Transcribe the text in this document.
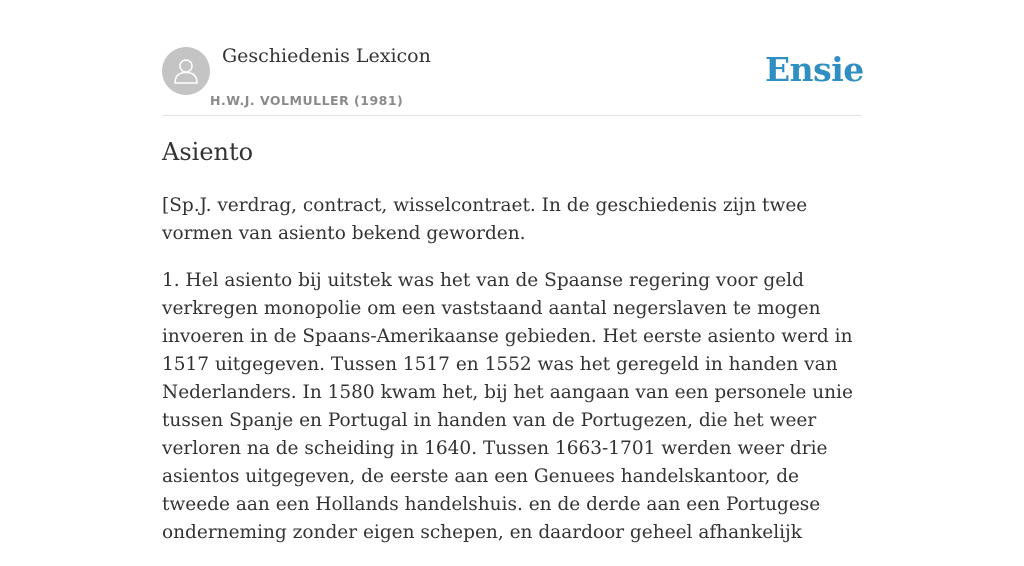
Geschiedenis Lexicon
H.W.J. VOLMULLER (1981)
Ensie
Asiento

[Sp.J. verdrag, contract, wisselcontraet. In de geschiedenis zijn twee vormen van asiento bekend geworden.

1. Hel asiento bij uitstek was het van de Spaanse regering voor geld verkregen monopolie om een vaststaand aantal negerslaven te mogen invoeren in de Spaans-Amerikaanse gebieden. Het eerste asiento werd in 1517 uitgegeven. Tussen 1517 en 1552 was het geregeld in handen van Nederlanders. In 1580 kwam het, bij het aangaan van een personele unie tussen Spanje en Portugal in handen van de Portugezen, die het weer verloren na de scheiding in 1640. Tussen 1663-1701 werden weer drie asientos uitgegeven, de eerste aan een Genuees handelskantoor, de tweede aan een Hollands handelshuis. en de derde aan een Portugese onderneming zonder eigen schepen, en daardoor geheel afhankelijk
